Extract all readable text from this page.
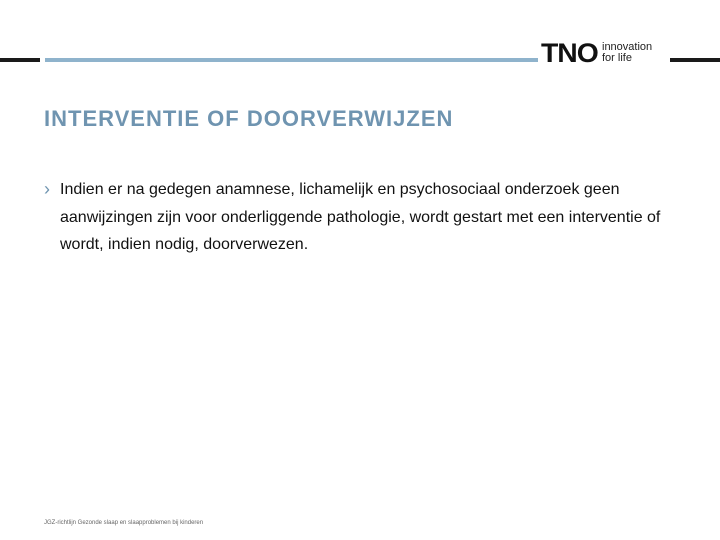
TNO innovation
for life
INTERVENTIE OF DOORVERWIJZEN
› Indien er na gedegen anamnese, lichamelijk en psychosociaal onderzoek geen aanwijzingen zijn voor onderliggende pathologie, wordt gestart met een interventie of wordt, indien nodig, doorverwezen.

JGZ-richtlijn Gezonde slaap en slaapproblemen bij kinderen
